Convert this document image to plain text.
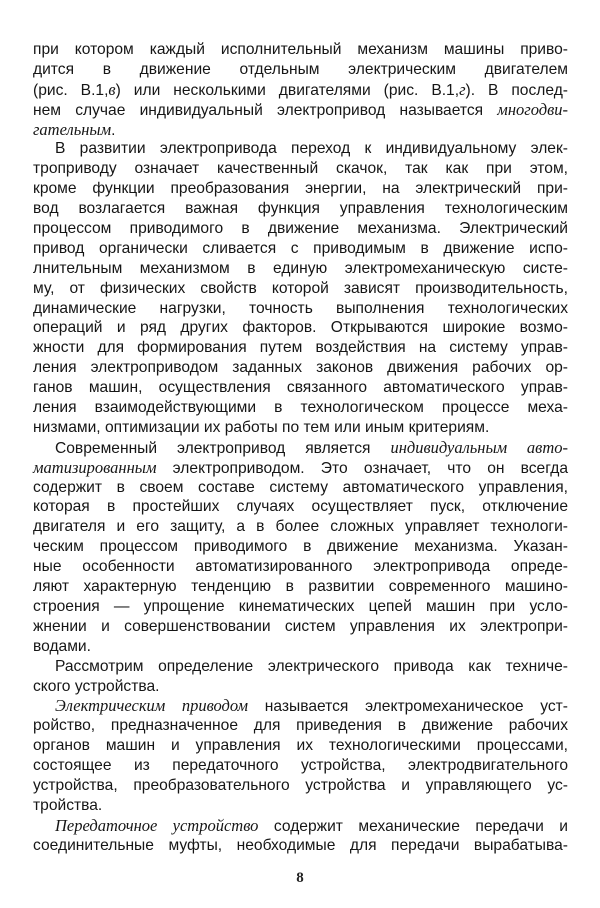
при котором каждый исполнительный механизм машины приво-
дится в движение отдельным электрическим двигателем
(рис. В.1,в) или несколькими двигателями (рис. В.1,г). В послед-
нем случае индивидуальный электропривод называется многодви-
гательным.
В развитии электропривода переход к индивидуальному элек-
троприводу означает качественный скачок, так как при этом,
кроме функции преобразования энергии, на электрический при-
вод возлагается важная функция управления технологическим
процессом приводимого в движение механизма. Электрический
привод органически сливается с приводимым в движение испо-
лнительным механизмом в единую электромеханическую систе-
му, от физических свойств которой зависят производительность,
динамические нагрузки, точность выполнения технологических
операций и ряд других факторов. Открываются широкие возмо-
жности для формирования путем воздействия на систему управ-
ления электроприводом заданных законов движения рабочих ор-
ганов машин, осуществления связанного автоматического управ-
ления взаимодействующими в технологическом процессе меха-
низмами, оптимизации их работы по тем или иным критериям.
Современный электропривод является индивидуальным авто-
матизированным электроприводом. Это означает, что он всегда
содержит в своем составе систему автоматического управления,
которая в простейших случаях осуществляет пуск, отключение
двигателя и его защиту, а в более сложных управляет технологи-
ческим процессом приводимого в движение механизма. Указан-
ные особенности автоматизированного электропривода опреде-
ляют характерную тенденцию в развитии современного машино-
строения — упрощение кинематических цепей машин при усло-
жнении и совершенствовании систем управления их электропри-
водами.
Рассмотрим определение электрического привода как техниче-
ского устройства.
Электрическим приводом называется электромеханическое уст-
ройство, предназначенное для приведения в движение рабочих
органов машин и управления их технологическими процессами,
состоящее из передаточного устройства, электродвигательного
устройства, преобразовательного устройства и управляющего ус-
тройства.
Передаточное устройство содержит механические передачи и
соединительные муфты, необходимые для передачи вырабатыва-
8
